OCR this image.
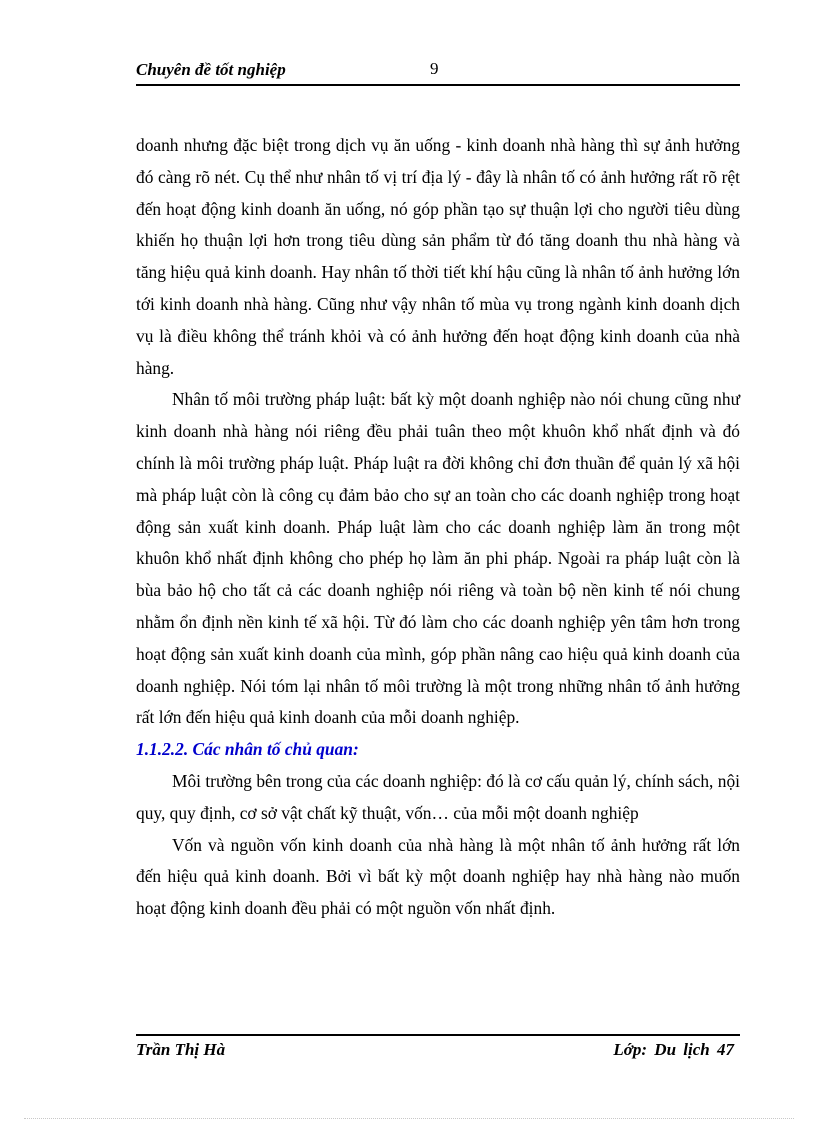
Chuyên đề tốt nghiệp	9

doanh nhưng đặc biệt trong dịch vụ ăn uống - kinh doanh nhà hàng thì sự ảnh hưởng đó càng rõ nét. Cụ thể như nhân tố vị trí địa lý - đây là nhân tố có ảnh hưởng rất rõ rệt đến hoạt động kinh doanh ăn uống, nó góp phần tạo sự thuận lợi cho người tiêu dùng khiến họ thuận lợi hơn trong tiêu dùng sản phẩm từ đó tăng doanh thu nhà hàng và tăng hiệu quả kinh doanh. Hay nhân tố thời tiết khí hậu cũng là nhân tố ảnh hưởng lớn tới kinh doanh nhà hàng. Cũng như vậy nhân tố mùa vụ trong ngành kinh doanh dịch vụ là điều không thể tránh khỏi và có ảnh hưởng đến hoạt động kinh doanh của nhà hàng.

Nhân tố môi trường pháp luật: bất kỳ một doanh nghiệp nào nói chung cũng như kinh doanh nhà hàng nói riêng đều phải tuân theo một khuôn khổ nhất định và đó chính là môi trường pháp luật. Pháp luật ra đời không chỉ đơn thuần để quản lý xã hội mà pháp luật còn là công cụ đảm bảo cho sự an toàn cho các doanh nghiệp trong hoạt động sản xuất kinh doanh. Pháp luật làm cho các doanh nghiệp làm ăn trong một khuôn khổ nhất định không cho phép họ làm ăn phi pháp. Ngoài ra pháp luật còn là bùa bảo hộ cho tất cả các doanh nghiệp nói riêng và toàn bộ nền kinh tế nói chung nhằm ổn định nền kinh tế xã hội. Từ đó làm cho các doanh nghiệp yên tâm hơn trong hoạt động sản xuất kinh doanh của mình, góp phần nâng cao hiệu quả kinh doanh của doanh nghiệp. Nói tóm lại nhân tố môi trường là một trong những nhân tố ảnh hưởng rất lớn đến hiệu quả kinh doanh của mỗi doanh nghiệp.

1.1.2.2. Các nhân tố chủ quan:

Môi trường bên trong của các doanh nghiệp: đó là cơ cấu quản lý, chính sách, nội quy, quy định, cơ sở vật chất kỹ thuật, vốn… của mỗi một doanh nghiệp

Vốn và nguồn vốn kinh doanh của nhà hàng là một nhân tố ảnh hưởng rất lớn đến hiệu quả kinh doanh. Bởi vì bất kỳ một doanh nghiệp hay nhà hàng nào muốn hoạt động kinh doanh đều phải có một nguồn vốn nhất định.

Trần Thị Hà	Lớp: Du lịch 47
